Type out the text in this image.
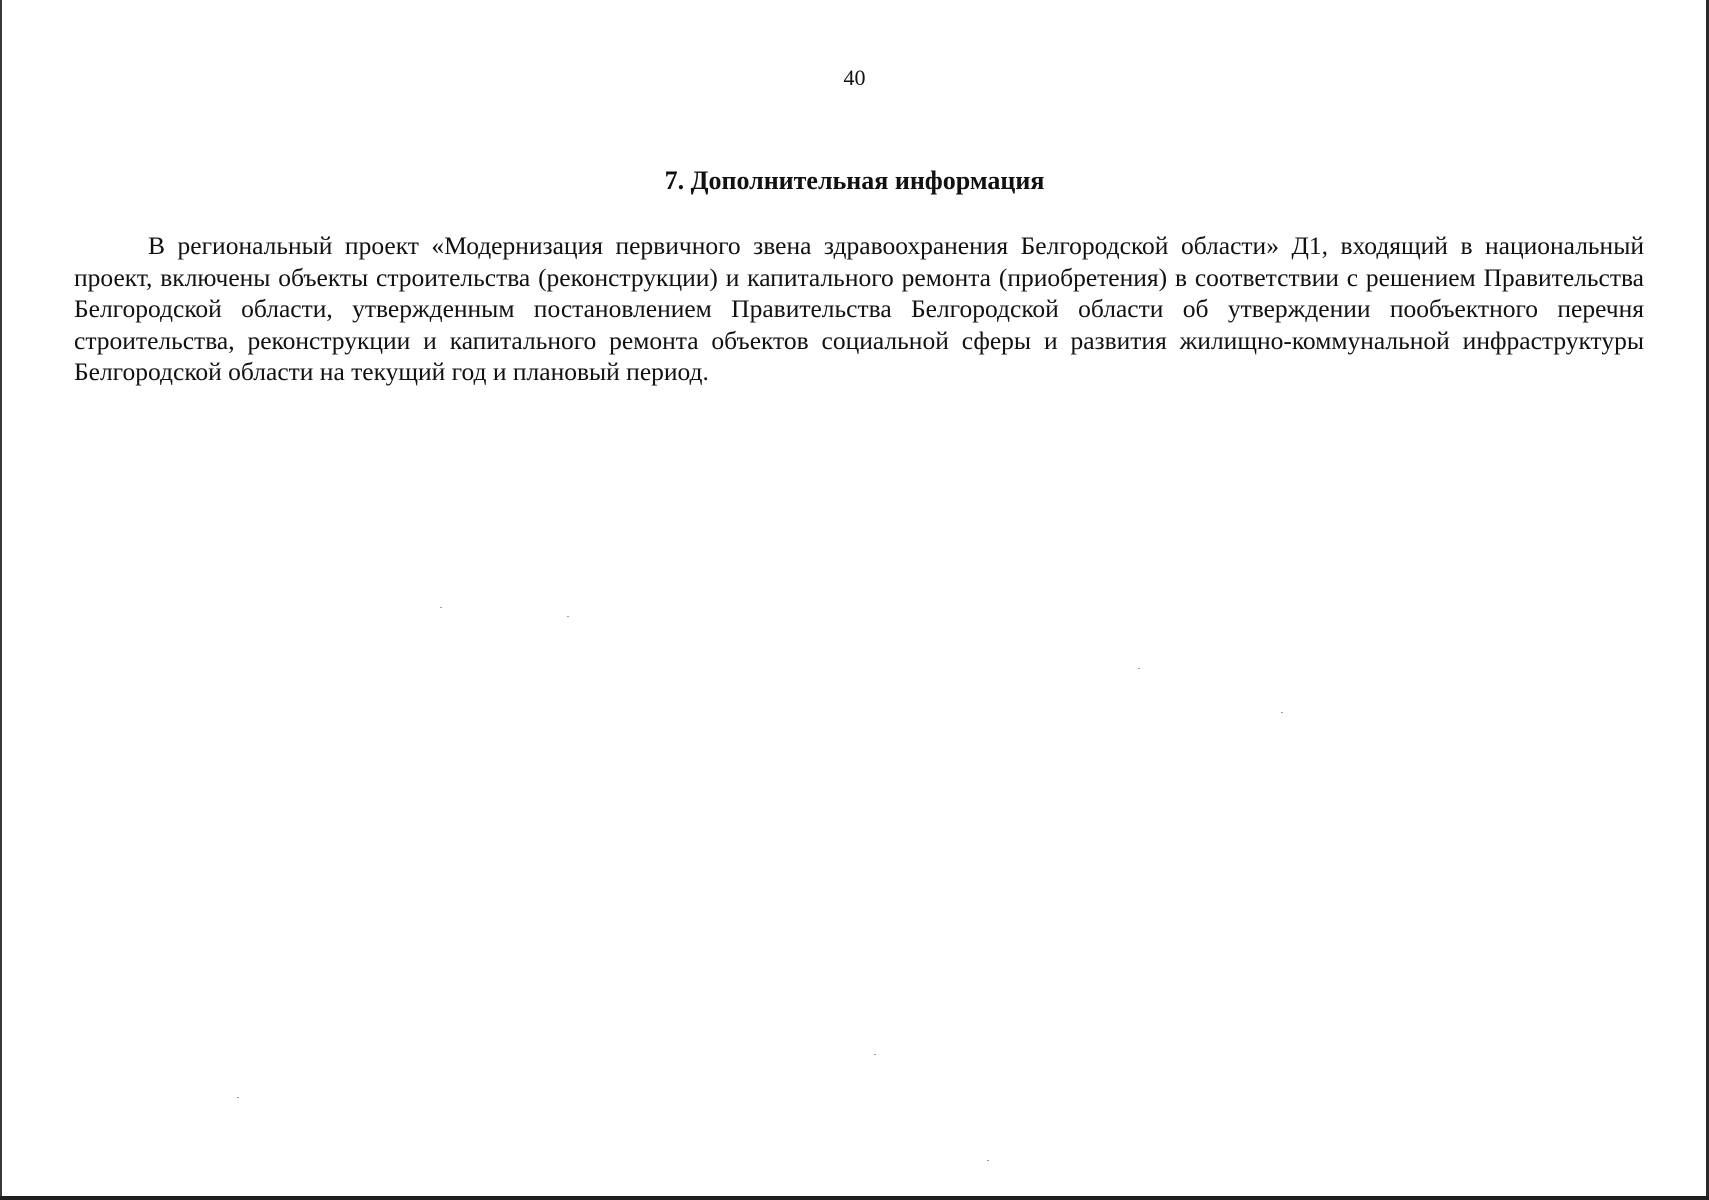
40
7. Дополнительная информация

В региональный проект «Модернизация первичного звена здравоохранения Белгородской области» Д1, входящий в национальный проект, включены объекты строительства (реконструкции) и капитального ремонта (приобретения) в соответствии с решением Правительства Белгородской области, утвержденным постановлением Правительства Белгородской области об утверждении пообъектного перечня строительства, реконструкции и капитального ремонта объектов социальной сферы и развития жилищно-коммунальной инфраструктуры Белгородской области на текущий год и плановый период.
